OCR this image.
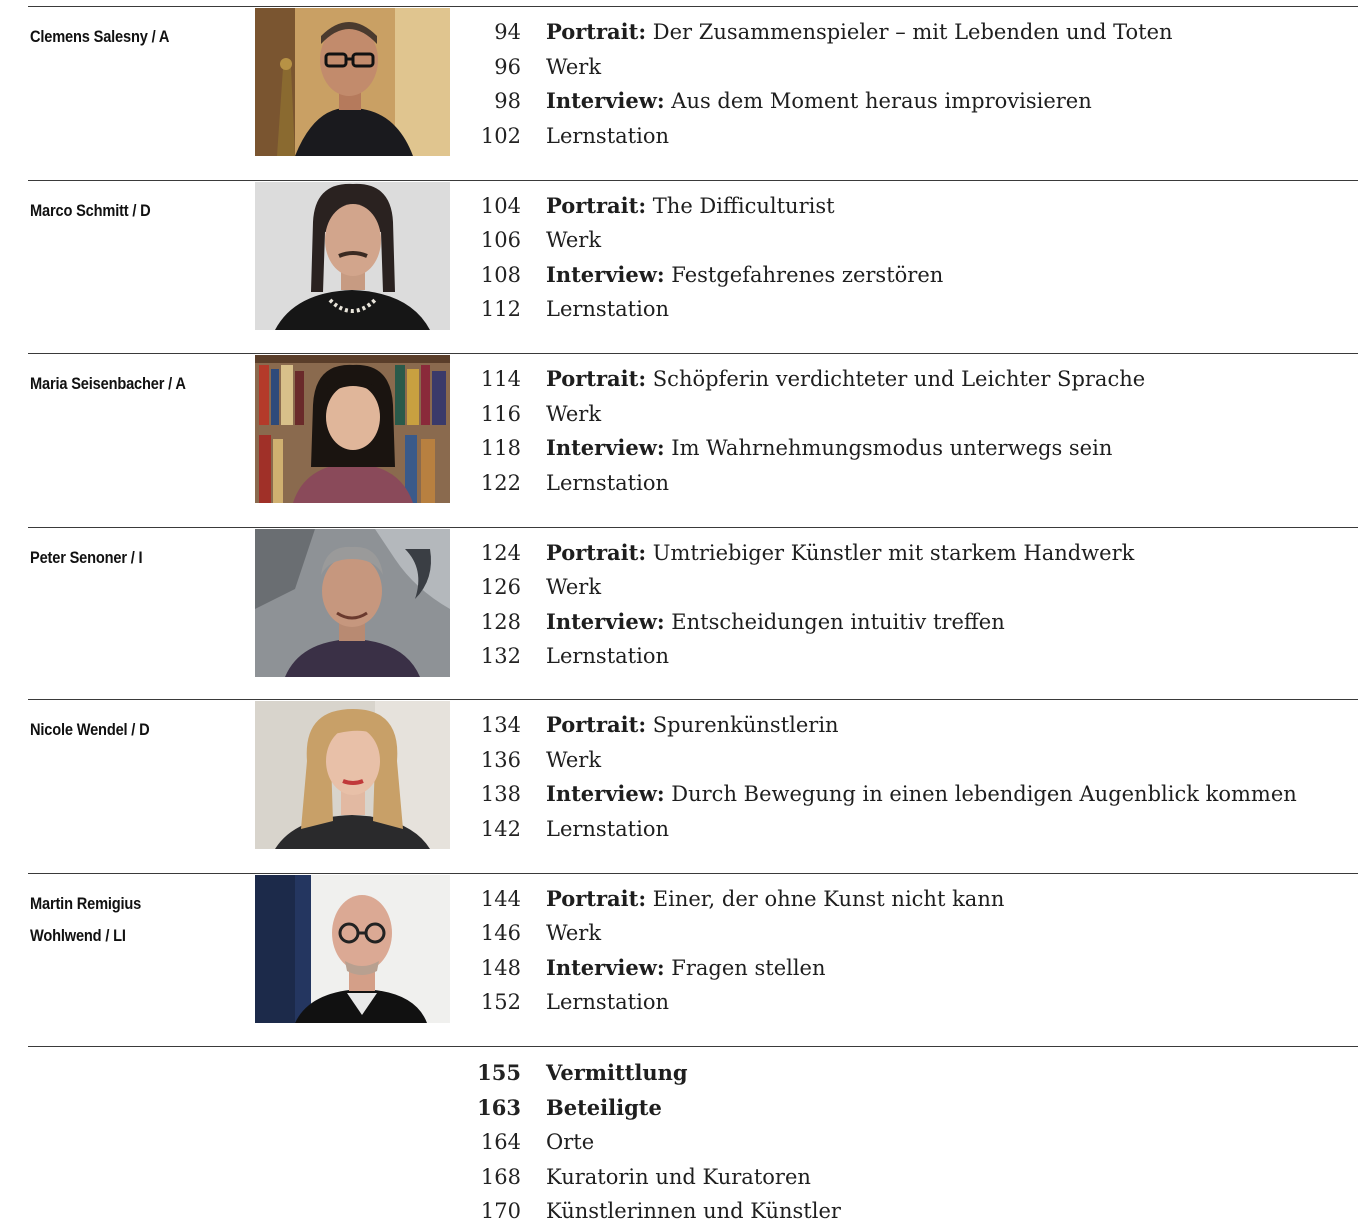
Clemens Salesny / A	94 Portrait: Der Zusammenspieler – mit Lebenden und Toten
96 Werk
98 Interview: Aus dem Moment heraus improvisieren
102 Lernstation
Marco Schmitt / D	104 Portrait: The Difficulturist
106 Werk
108 Interview: Festgefahrenes zerstören
112 Lernstation
Maria Seisenbacher / A	114 Portrait: Schöpferin verdichteter und Leichter Sprache
116 Werk
118 Interview: Im Wahrnehmungsmodus unterwegs sein
122 Lernstation
Peter Senoner / I	124 Portrait: Umtriebiger Künstler mit starkem Handwerk
126 Werk
128 Interview: Entscheidungen intuitiv treffen
132 Lernstation
Nicole Wendel / D	134 Portrait: Spurenkünstlerin
136 Werk
138 Interview: Durch Bewegung in einen lebendigen Augenblick kommen
142 Lernstation
Martin Remigius
Wohlwend / LI
144 Portrait: Einer, der ohne Kunst nicht kann
146 Werk
148 Interview: Fragen stellen
152 Lernstation
155 Vermittlung
163 Beteiligte
164 Orte
168 Kuratorin und Kuratoren
170 Künstlerinnen und Künstler
